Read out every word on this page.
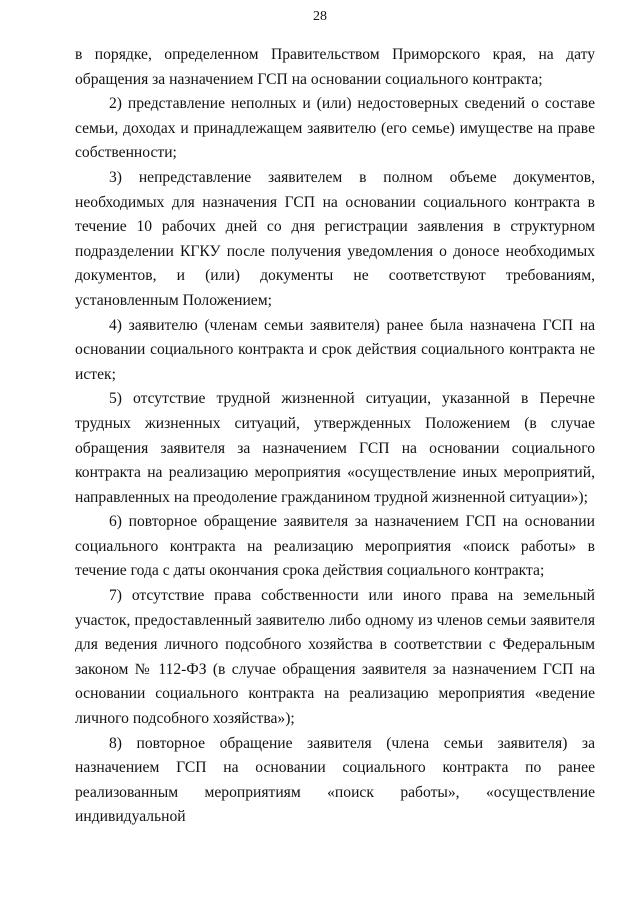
28

в порядке, определенном Правительством Приморского края, на дату обращения за назначением ГСП на основании социального контракта;

2) представление неполных и (или) недостоверных сведений о составе семьи, доходах и принадлежащем заявителю (его семье) имуществе на праве собственности;

3) непредставление заявителем в полном объеме документов, необходимых для назначения ГСП на основании социального контракта в течение 10 рабочих дней со дня регистрации заявления в структурном подразделении КГКУ после получения уведомления о доносе необходимых документов, и (или) документы не соответствуют требованиям, установленным Положением;

4) заявителю (членам семьи заявителя) ранее была назначена ГСП на основании социального контракта и срок действия социального контракта не истек;

5) отсутствие трудной жизненной ситуации, указанной в Перечне трудных жизненных ситуаций, утвержденных Положением (в случае обращения заявителя за назначением ГСП на основании социального контракта на реализацию мероприятия «осуществление иных мероприятий, направленных на преодоление гражданином трудной жизненной ситуации»);

6) повторное обращение заявителя за назначением ГСП на основании социального контракта на реализацию мероприятия «поиск работы» в течение года с даты окончания срока действия социального контракта;

7) отсутствие права собственности или иного права на земельный участок, предоставленный заявителю либо одному из членов семьи заявителя для ведения личного подсобного хозяйства в соответствии с Федеральным законом № 112-ФЗ (в случае обращения заявителя за назначением ГСП на основании социального контракта на реализацию мероприятия «ведение личного подсобного хозяйства»);

8) повторное обращение заявителя (члена семьи заявителя) за назначением ГСП на основании социального контракта по ранее реализованным мероприятиям «поиск работы», «осуществление индивидуальной
